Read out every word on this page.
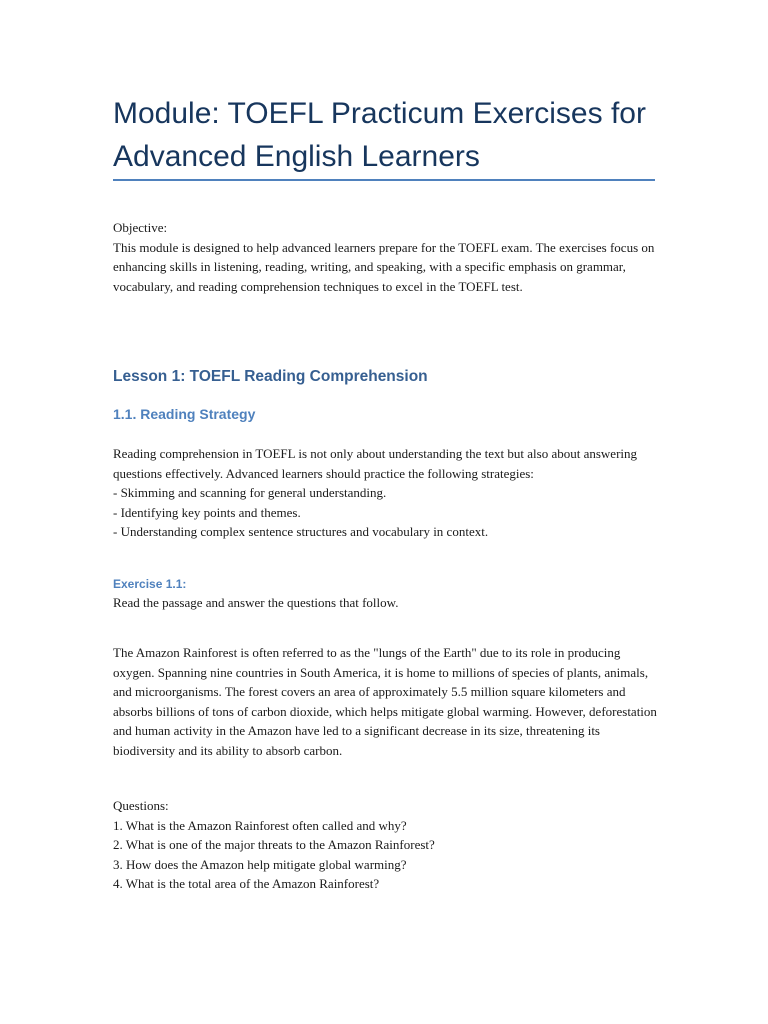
Module: TOEFL Practicum Exercises for Advanced English Learners
Objective:
This module is designed to help advanced learners prepare for the TOEFL exam. The exercises focus on enhancing skills in listening, reading, writing, and speaking, with a specific emphasis on grammar, vocabulary, and reading comprehension techniques to excel in the TOEFL test.
Lesson 1: TOEFL Reading Comprehension
1.1. Reading Strategy
Reading comprehension in TOEFL is not only about understanding the text but also about answering questions effectively. Advanced learners should practice the following strategies:
- Skimming and scanning for general understanding.
- Identifying key points and themes.
- Understanding complex sentence structures and vocabulary in context.
Exercise 1.1:
Read the passage and answer the questions that follow.
The Amazon Rainforest is often referred to as the "lungs of the Earth" due to its role in producing oxygen. Spanning nine countries in South America, it is home to millions of species of plants, animals, and microorganisms. The forest covers an area of approximately 5.5 million square kilometers and absorbs billions of tons of carbon dioxide, which helps mitigate global warming. However, deforestation and human activity in the Amazon have led to a significant decrease in its size, threatening its biodiversity and its ability to absorb carbon.
Questions:
1. What is the Amazon Rainforest often called and why?
2. What is one of the major threats to the Amazon Rainforest?
3. How does the Amazon help mitigate global warming?
4. What is the total area of the Amazon Rainforest?
